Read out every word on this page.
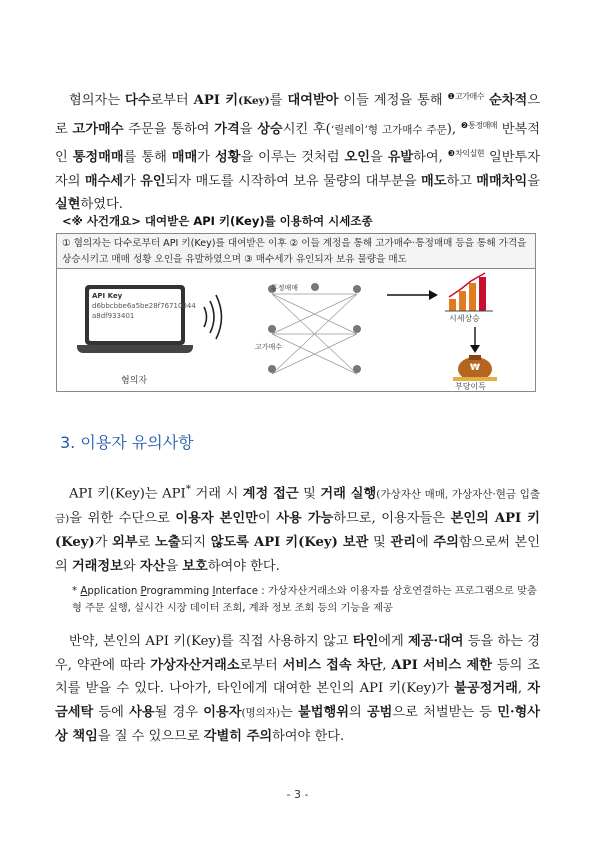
혐의자는 다수로부터 API 키(Key)를 대여받아 이들 계정을 통해 $^{❶고가매수}$ 순차적으로 고가매수 주문을 통하여 가격을 상승시킨 후(‘릴레이’형 고가매수 주문), $^{❷통정매매}$ 반복적인 통정매매를 통해 매매가 성황을 이루는 것처럼 오인을 유발하여, $^{❸차익실현}$ 일반투자자의 매수세가 유인되자 매도를 시작하여 보유 물량의 대부분을 매도하고 매매차익을 실현하였다.
<※ 사건개요> 대여받은 API 키(Key)를 이용하여 시세조종
① 혐의자는 다수로부터 API 키(Key)를 대여받은 이후 ② 이들 계정을 통해 고가매수·통정매매 등을 통해 가격을 상승시키고 매매 성황 오인을 유발하였으며 ③ 매수세가 유인되자 보유 물량을 매도
API Key
d6bbcbbe6a5be28f76710044
a8df933401
혐의자
통정매매
고가매수
시세상승
₩
부당이득
3. 이용자 유의사항
API 키(Key)는 API* 거래 시 계정 접근 및 거래 실행(가상자산 매매, 가상자산·현금 입출금)을 위한 수단으로 이용자 본인만이 사용 가능하므로, 이용자들은 본인의 API 키(Key)가 외부로 노출되지 않도록 API 키(Key) 보관 및 관리에 주의함으로써 본인의 거래정보와 자산을 보호하여야 한다.
* Application Programming Interface : 가상자산거래소와 이용자를 상호연결하는 프로그램으로 맞춤형 주문 실행, 실시간 시장 데이터 조회, 계좌 정보 조회 등의 기능을 제공
반약, 본인의 API 키(Key)를 직접 사용하지 않고 타인에게 제공·대여 등을 하는 경우, 약관에 따라 가상자산거래소로부터 서비스 접속 차단, API 서비스 제한 등의 조치를 받을 수 있다. 나아가, 타인에게 대여한 본인의 API 키(Key)가 불공정거래, 자금세탁 등에 사용될 경우 이용자(명의자)는 불법행위의 공범으로 처벌받는 등 민·형사상 책임을 질 수 있으므로 각별히 주의하여야 한다.
- 3 -
